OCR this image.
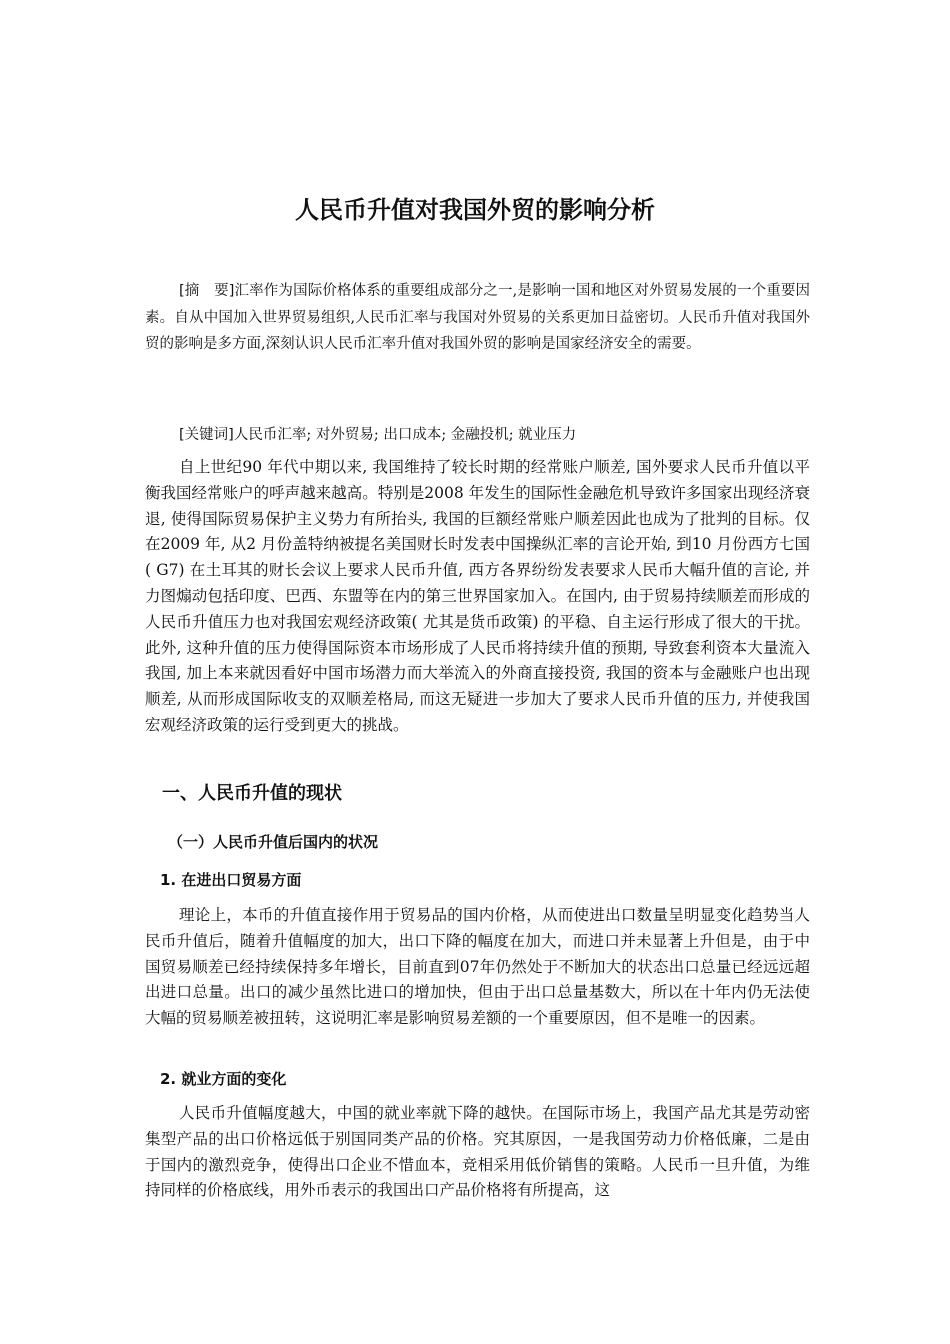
人民币升值对我国外贸的影响分析

[摘　要]汇率作为国际价格体系的重要组成部分之一,是影响一国和地区对外贸易发展的一个重要因素。自从中国加入世界贸易组织,人民币汇率与我国对外贸易的关系更加日益密切。人民币升值对我国外贸的影响是多方面,深刻认识人民币汇率升值对我国外贸的影响是国家经济安全的需要。

[关键词]人民币汇率; 对外贸易; 出口成本; 金融投机; 就业压力

自上世纪90 年代中期以来, 我国维持了较长时期的经常账户顺差, 国外要求人民币升值以平衡我国经常账户的呼声越来越高。特别是2008 年发生的国际性金融危机导致许多国家出现经济衰退, 使得国际贸易保护主义势力有所抬头, 我国的巨额经常账户顺差因此也成为了批判的目标。仅在2009 年, 从2 月份盖特纳被提名美国财长时发表中国操纵汇率的言论开始, 到10 月份西方七国( G7) 在土耳其的财长会议上要求人民币升值, 西方各界纷纷发表要求人民币大幅升值的言论, 并力图煽动包括印度、巴西、东盟等在内的第三世界国家加入。在国内, 由于贸易持续顺差而形成的人民币升值压力也对我国宏观经济政策( 尤其是货币政策) 的平稳、自主运行形成了很大的干扰。此外, 这种升值的压力使得国际资本市场形成了人民币将持续升值的预期, 导致套利资本大量流入我国, 加上本来就因看好中国市场潜力而大举流入的外商直接投资, 我国的资本与金融账户也出现顺差, 从而形成国际收支的双顺差格局, 而这无疑进一步加大了要求人民币升值的压力, 并使我国宏观经济政策的运行受到更大的挑战。

一、人民币升值的现状
（一）人民币升值后国内的状况
1. 在进出口贸易方面

理论上，本币的升值直接作用于贸易品的国内价格，从而使进出口数量呈明显变化趋势当人民币升值后，随着升值幅度的加大，出口下降的幅度在加大，而进口并未显著上升但是，由于中国贸易顺差已经持续保持多年增长，目前直到07年仍然处于不断加大的状态出口总量已经远远超出进口总量。出口的减少虽然比进口的增加快，但由于出口总量基数大，所以在十年内仍无法使大幅的贸易顺差被扭转，这说明汇率是影响贸易差额的一个重要原因，但不是唯一的因素。

2. 就业方面的变化

人民币升值幅度越大，中国的就业率就下降的越快。在国际市场上，我国产品尤其是劳动密集型产品的出口价格远低于别国同类产品的价格。究其原因，一是我国劳动力价格低廉，二是由于国内的激烈竞争，使得出口企业不惜血本，竞相采用低价销售的策略。人民币一旦升值，为维持同样的价格底线，用外币表示的我国出口产品价格将有所提高，这
